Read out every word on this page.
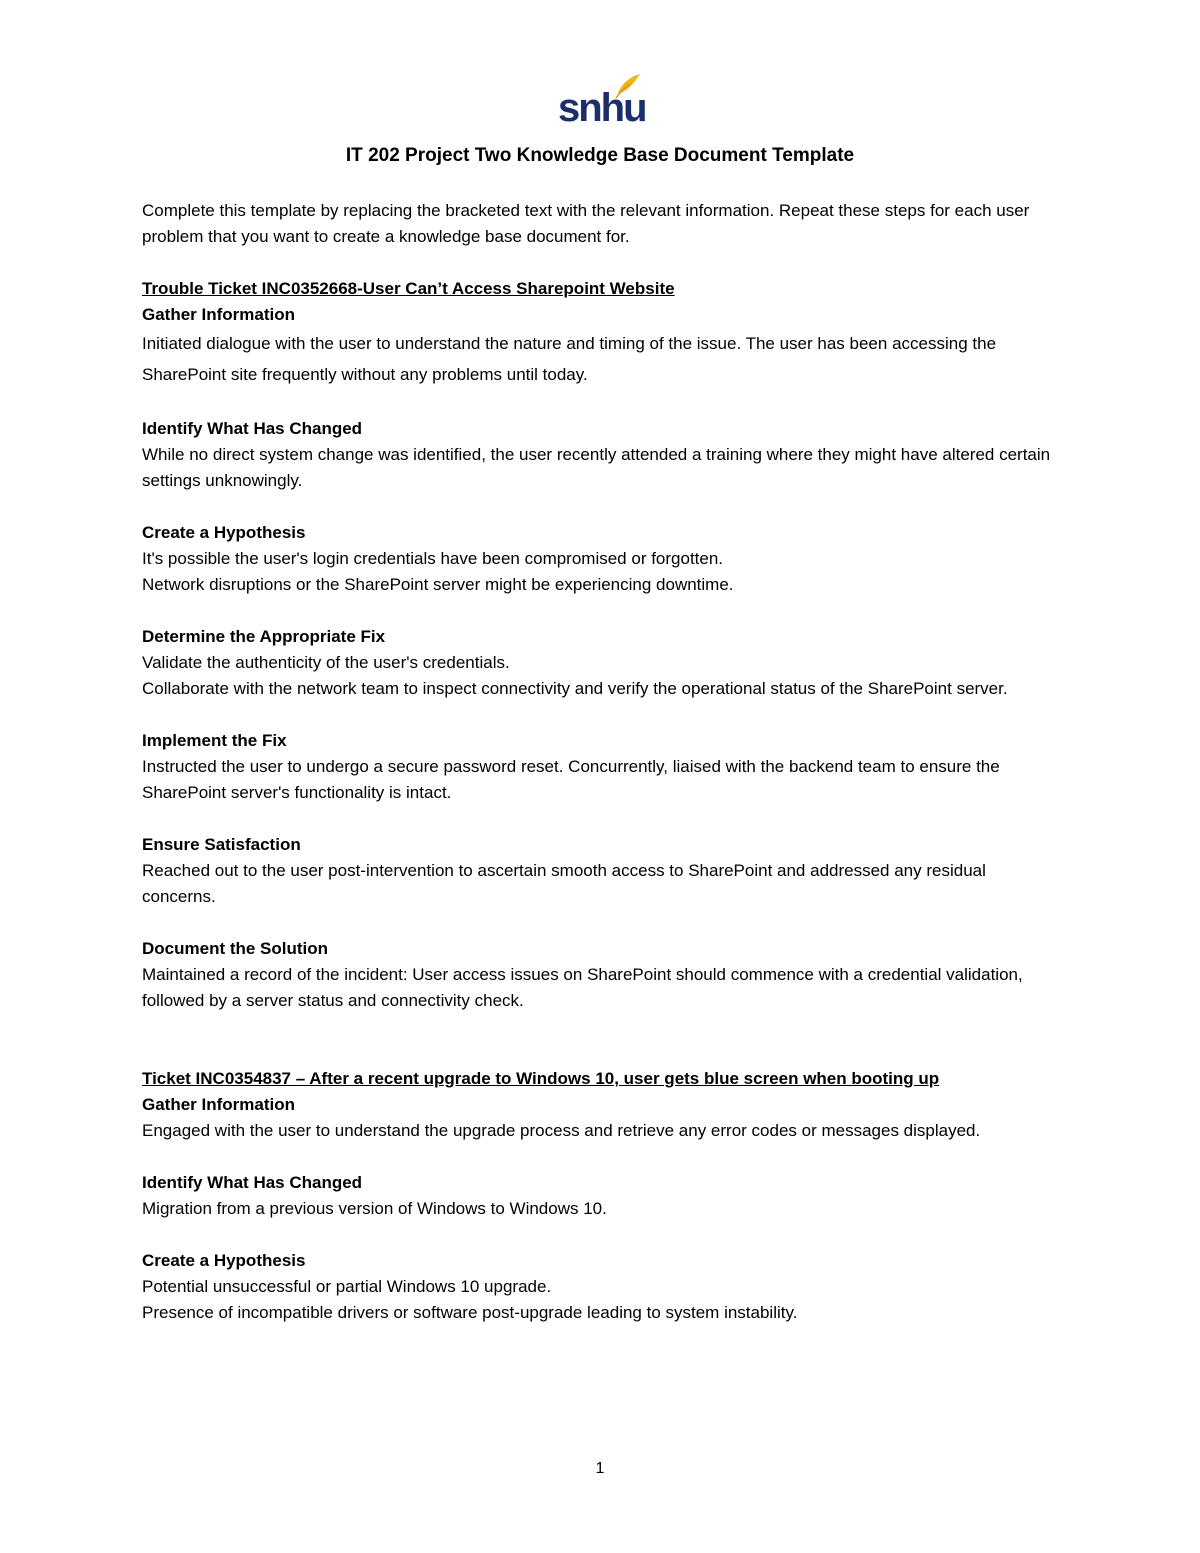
snhu
IT 202 Project Two Knowledge Base Document Template

Complete this template by replacing the bracketed text with the relevant information. Repeat these steps for each user problem that you want to create a knowledge base document for.

Trouble Ticket INC0352668-User Can’t Access Sharepoint Website

Gather Information

Initiated dialogue with the user to understand the nature and timing of the issue. The user has been accessing the SharePoint site frequently without any problems until today.

Identify What Has Changed

While no direct system change was identified, the user recently attended a training where they might have altered certain settings unknowingly.

Create a Hypothesis

It's possible the user's login credentials have been compromised or forgotten.

Network disruptions or the SharePoint server might be experiencing downtime.

Determine the Appropriate Fix

Validate the authenticity of the user's credentials.

Collaborate with the network team to inspect connectivity and verify the operational status of the SharePoint server.

Implement the Fix

Instructed the user to undergo a secure password reset. Concurrently, liaised with the backend team to ensure the SharePoint server's functionality is intact.

Ensure Satisfaction

Reached out to the user post-intervention to ascertain smooth access to SharePoint and addressed any residual concerns.

Document the Solution

Maintained a record of the incident: User access issues on SharePoint should commence with a credential validation, followed by a server status and connectivity check.

Ticket INC0354837 – After a recent upgrade to Windows 10, user gets blue screen when booting up

Gather Information

Engaged with the user to understand the upgrade process and retrieve any error codes or messages displayed.

Identify What Has Changed

Migration from a previous version of Windows to Windows 10.

Create a Hypothesis

Potential unsuccessful or partial Windows 10 upgrade.

Presence of incompatible drivers or software post-upgrade leading to system instability.

1
